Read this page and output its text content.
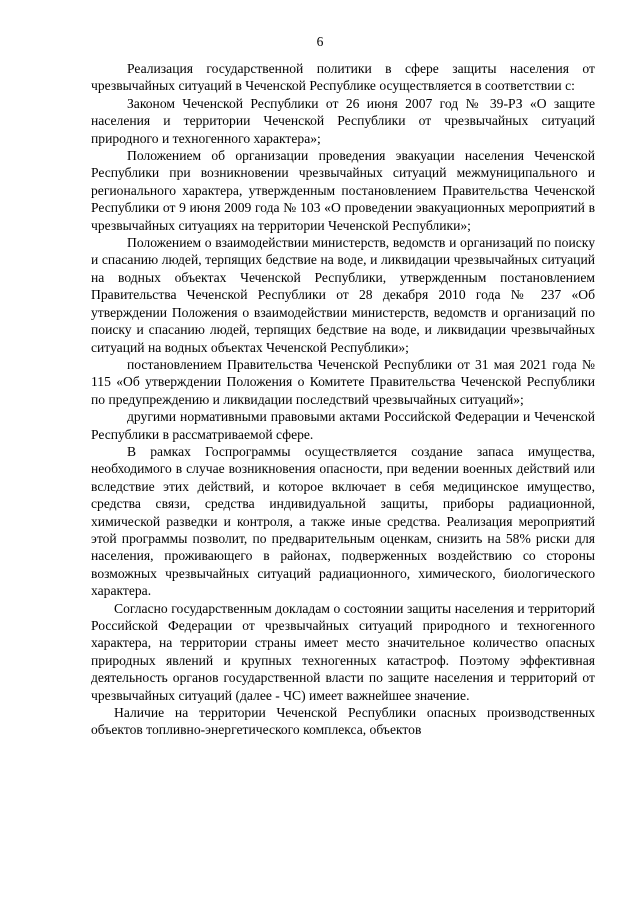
6

Реализация государственной политики в сфере защиты населения от чрезвычайных ситуаций в Чеченской Республике осуществляется в соответствии с:

Законом Чеченской Республики от 26 июня 2007 год № 39-РЗ «О защите населения и территории Чеченской Республики от чрезвычайных ситуаций природного и техногенного характера»;

Положением об организации проведения эвакуации населения Чеченской Республики при возникновении чрезвычайных ситуаций межмуниципального и регионального характера, утвержденным постановлением Правительства Чеченской Республики от 9 июня 2009 года № 103 «О проведении эвакуационных мероприятий в чрезвычайных ситуациях на территории Чеченской Республики»;

Положением о взаимодействии министерств, ведомств и организаций по поиску и спасанию людей, терпящих бедствие на воде, и ликвидации чрезвычайных ситуаций на водных объектах Чеченской Республики, утвержденным постановлением Правительства Чеченской Республики от 28 декабря 2010 года № 237 «Об утверждении Положения о взаимодействии министерств, ведомств и организаций по поиску и спасанию людей, терпящих бедствие на воде, и ликвидации чрезвычайных ситуаций на водных объектах Чеченской Республики»;

постановлением Правительства Чеченской Республики от 31 мая 2021 года № 115 «Об утверждении Положения о Комитете Правительства Чеченской Республики по предупреждению и ликвидации последствий чрезвычайных ситуаций»;

другими нормативными правовыми актами Российской Федерации и Чеченской Республики в рассматриваемой сфере.

В рамках Госпрограммы осуществляется создание запаса имущества, необходимого в случае возникновения опасности, при ведении военных действий или вследствие этих действий, и которое включает в себя медицинское имущество, средства связи, средства индивидуальной защиты, приборы радиационной, химической разведки и контроля, а также иные средства. Реализация мероприятий этой программы позволит, по предварительным оценкам, снизить на 58% риски для населения, проживающего в районах, подверженных воздействию со стороны возможных чрезвычайных ситуаций радиационного, химического, биологического характера.

Согласно государственным докладам о состоянии защиты населения и территорий Российской Федерации от чрезвычайных ситуаций природного и техногенного характера, на территории страны имеет место значительное количество опасных природных явлений и крупных техногенных катастроф. Поэтому эффективная деятельность органов государственной власти по защите населения и территорий от чрезвычайных ситуаций (далее - ЧС) имеет важнейшее значение.

Наличие на территории Чеченской Республики опасных производственных объектов топливно-энергетического комплекса, объектов
